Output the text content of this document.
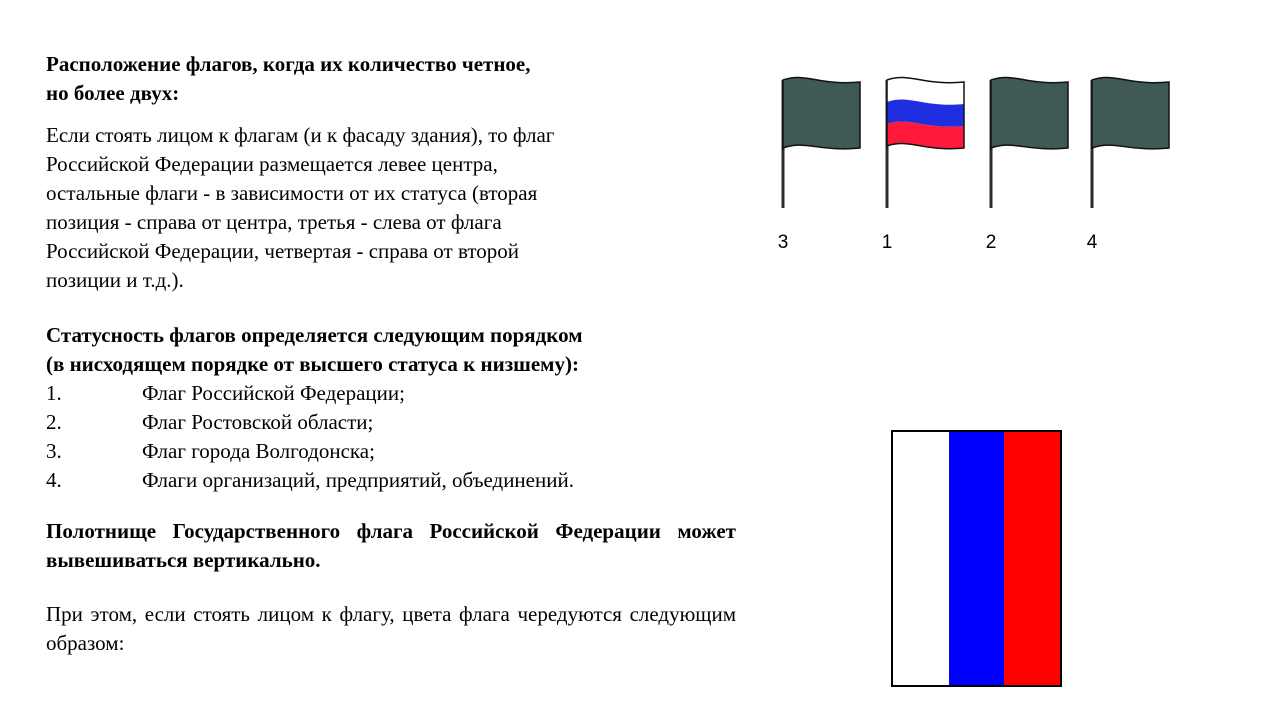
Расположение флагов, когда их количество четное,
но более двух:
Если стоять лицом к флагам (и к фасаду здания), то флаг
Российской Федерации размещается левее центра,
остальные флаги - в зависимости от их статуса (вторая
позиция - справа от центра, третья - слева от флага
Российской Федерации, четвертая - справа от второй
позиции и т.д.).
Статусность флагов определяется следующим порядком
(в нисходящем порядке от высшего статуса к низшему):
1.	Флаг Российской Федерации;
2.	Флаг Ростовской области;
3.	Флаг города Волгодонска;
4.	Флаги организаций, предприятий, объединений.
Полотнище Государственного флага Российской Федерации может вывешиваться вертикально.
При этом, если стоять лицом к флагу, цвета флага чередуются следующим образом:
3	1	2	4
